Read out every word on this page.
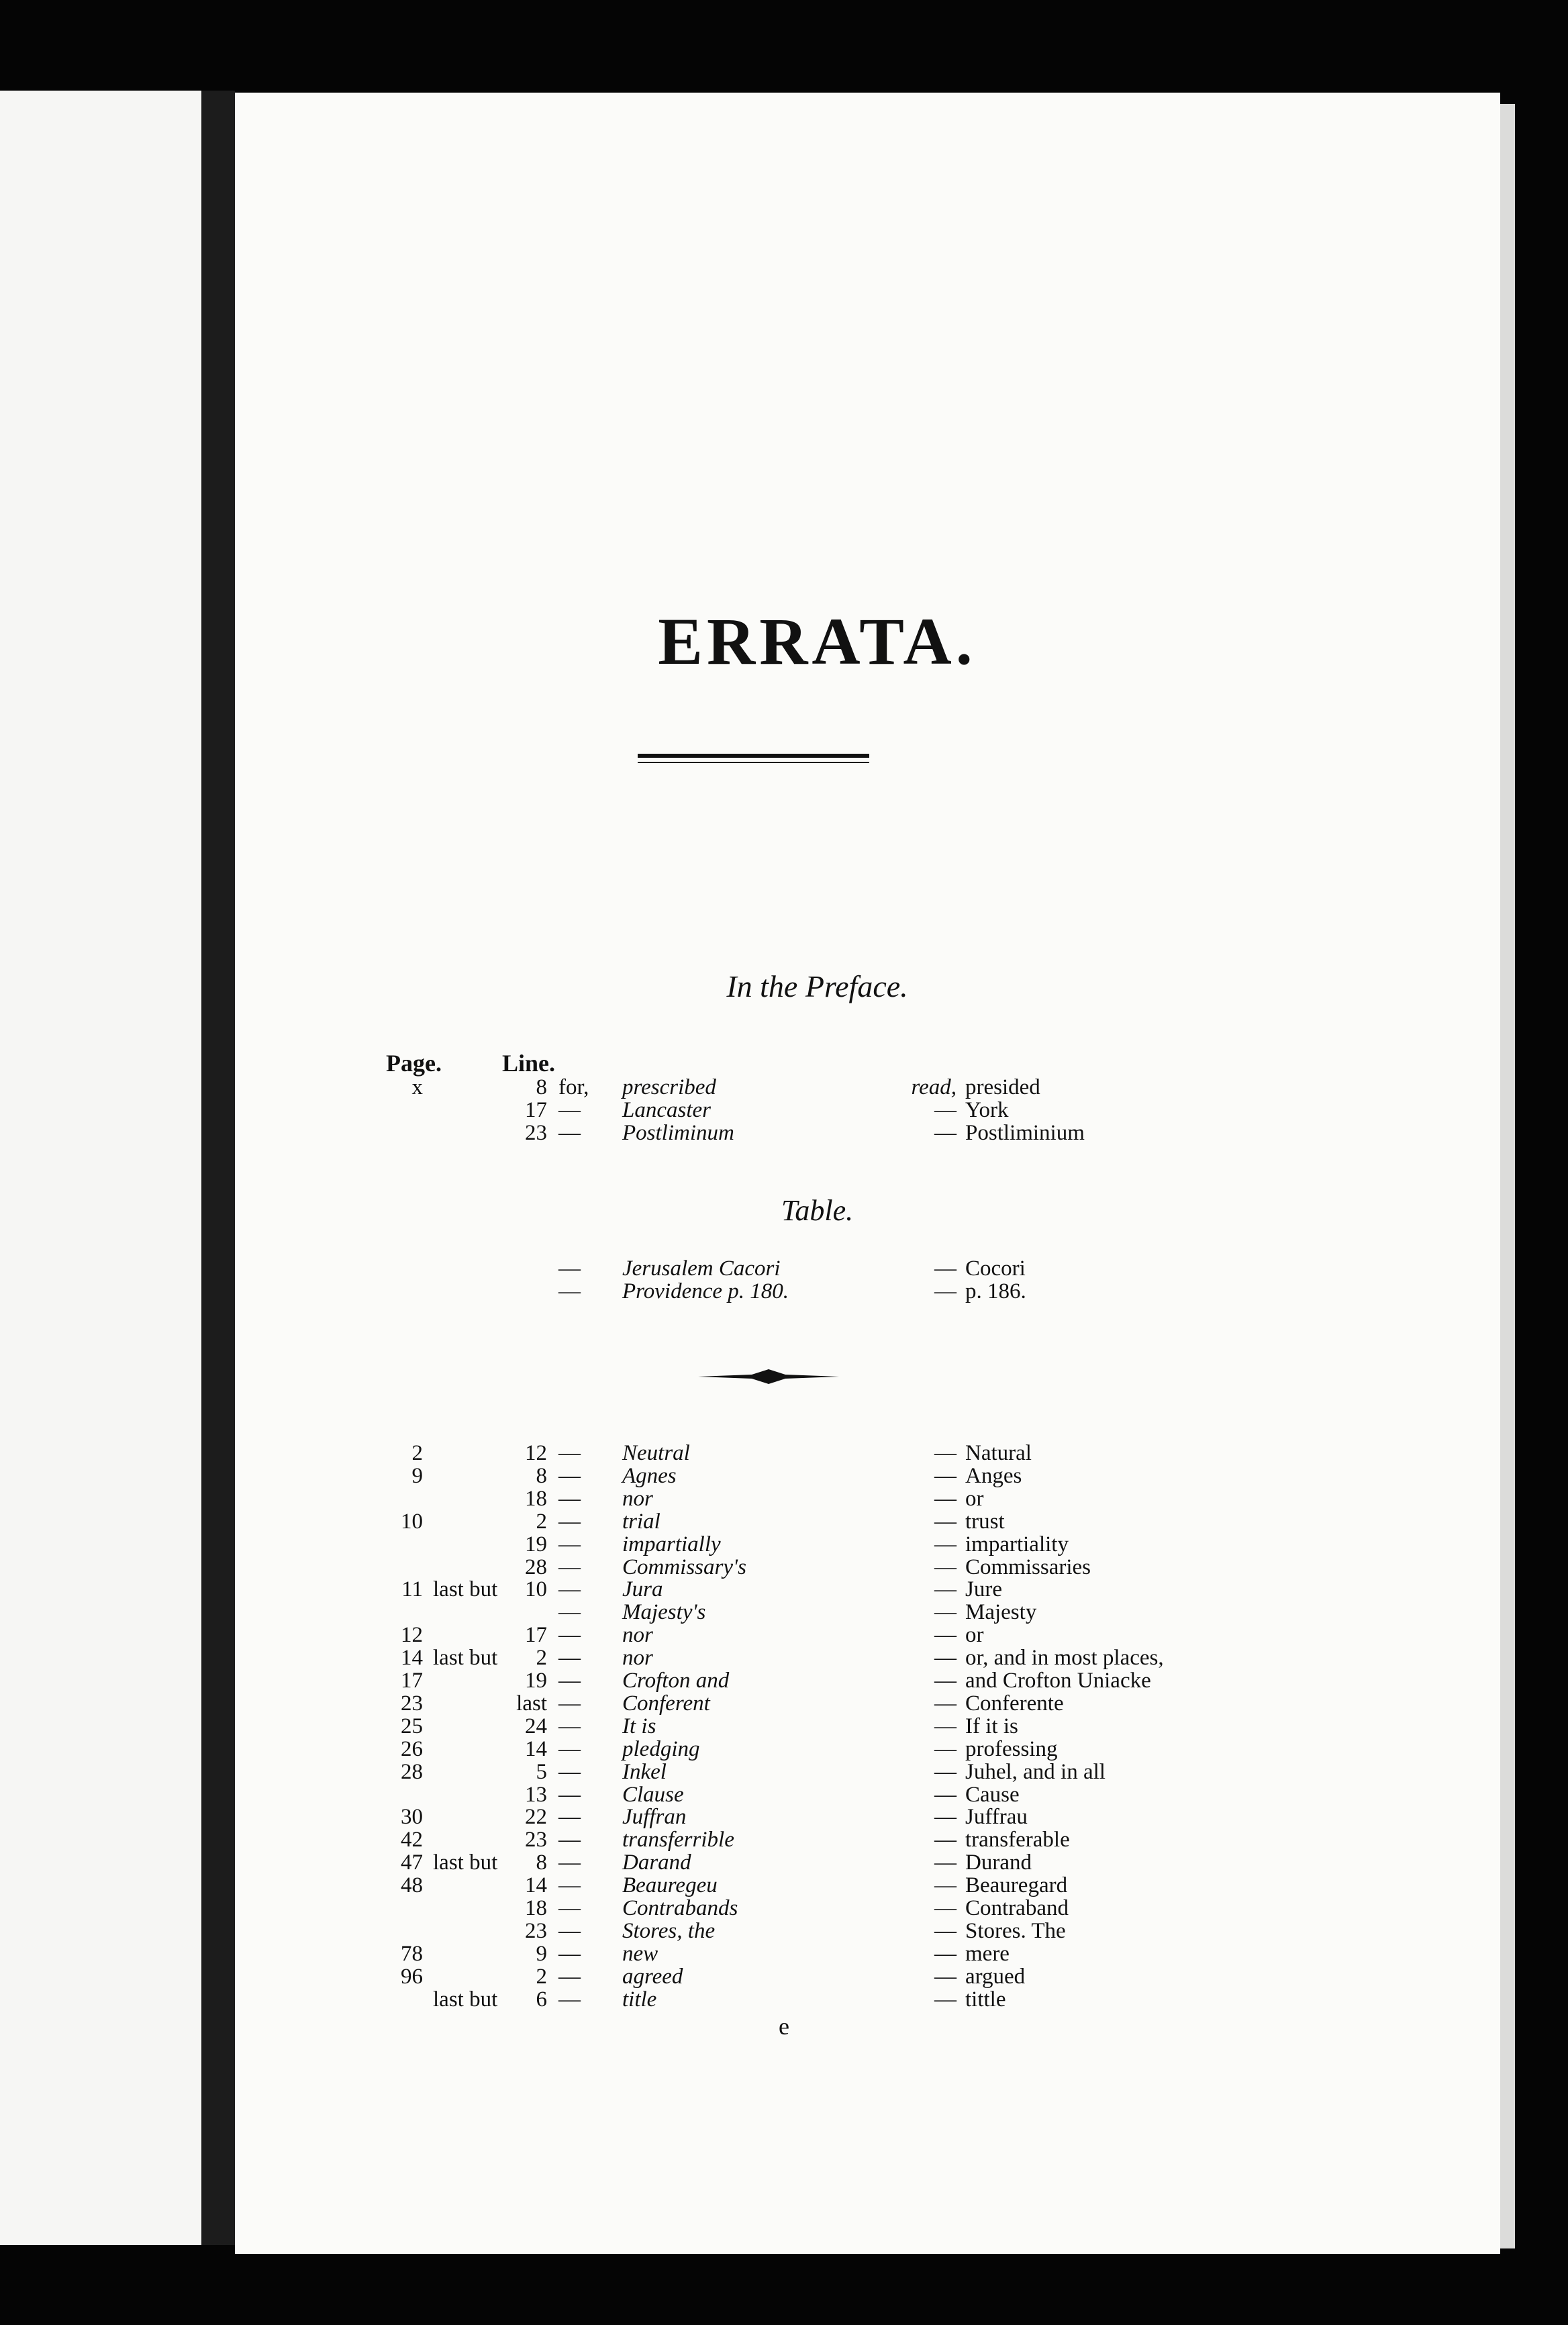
ERRATA.
In the Preface.
Page.	Line.
x	8 for, prescribed	read, presided
17 — Lancaster	— York
23 — Postliminum	— Postliminium
Table.
— Jerusalem Cacori	— Cocori
— Providence p. 180.	— p. 186.
2	12 — Neutral	— Natural
9	8 — Agnes	— Anges
18 — nor	— or
10	2 — trial	— trust
19 — impartially	— impartiality
28 — Commissary's	— Commissaries
11 last but	10 — Jura	— Jure
— Majesty's	— Majesty
12	17 — nor	— or
14 last but	2 — nor	— or, and in most places,
17	19 — Crofton and	— and Crofton Uniacke
23	last — Conferent	— Conferente
25	24 — It is	— If it is
26	14 — pledging	— professing
28	5 — Inkel	— Juhel, and in all
13 — Clause	— Cause
30	22 — Juffran	— Juffrau
42	23 — transferrible	— transferable
47 last but	8 — Darand	— Durand
48	14 — Beauregeu	— Beauregard
18 — Contrabands	— Contraband
23 — Stores, the	— Stores. The
78	9 — new	— mere
96	2 — agreed	— argued
last but	6 — title	— tittle
e
